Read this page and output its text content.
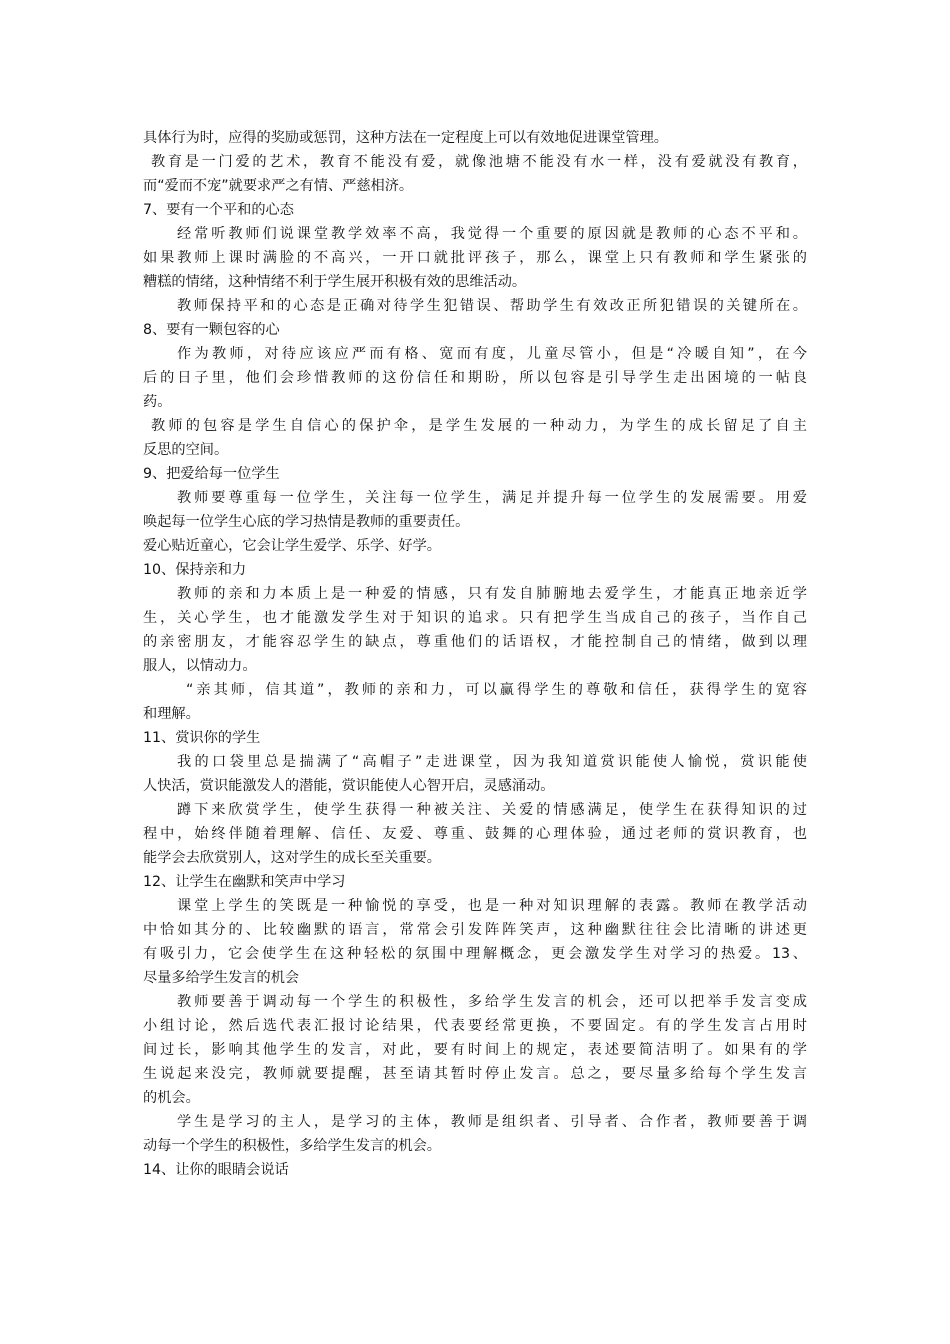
具体行为时，应得的奖励或惩罚，这种方法在一定程度上可以有效地促进课堂管理。
教育是一门爱的艺术，教育不能没有爱，就像池塘不能没有水一样，没有爱就没有教育，
而“爱而不宠”就要求严之有情、严慈相济。
7、要有一个平和的心态
经常听教师们说课堂教学效率不高，我觉得一个重要的原因就是教师的心态不平和。
如果教师上课时满脸的不高兴，一开口就批评孩子，那么，课堂上只有教师和学生紧张的
糟糕的情绪，这种情绪不利于学生展开积极有效的思维活动。
教师保持平和的心态是正确对待学生犯错误、帮助学生有效改正所犯错误的关键所在。
8、要有一颗包容的心
作为教师，对待应该应严而有格、宽而有度，儿童尽管小，但是“冷暖自知”，在今
后的日子里，他们会珍惜教师的这份信任和期盼，所以包容是引导学生走出困境的一帖良
药。
教师的包容是学生自信心的保护伞，是学生发展的一种动力，为学生的成长留足了自主
反思的空间。
9、把爱给每一位学生
教师要尊重每一位学生，关注每一位学生，满足并提升每一位学生的发展需要。用爱
唤起每一位学生心底的学习热情是教师的重要责任。
爱心贴近童心，它会让学生爱学、乐学、好学。
10、保持亲和力
教师的亲和力本质上是一种爱的情感，只有发自肺腑地去爱学生，才能真正地亲近学
生，关心学生，也才能激发学生对于知识的追求。只有把学生当成自己的孩子，当作自己
的亲密朋友，才能容忍学生的缺点，尊重他们的话语权，才能控制自己的情绪，做到以理
服人，以情动力。
“亲其师，信其道”，教师的亲和力，可以赢得学生的尊敬和信任，获得学生的宽容
和理解。
11、赏识你的学生
我的口袋里总是揣满了“高帽子”走进课堂，因为我知道赏识能使人愉悦，赏识能使
人快活，赏识能激发人的潜能，赏识能使人心智开启，灵感涌动。
蹲下来欣赏学生，使学生获得一种被关注、关爱的情感满足，使学生在获得知识的过
程中，始终伴随着理解、信任、友爱、尊重、鼓舞的心理体验，通过老师的赏识教育，也
能学会去欣赏别人，这对学生的成长至关重要。
12、让学生在幽默和笑声中学习
课堂上学生的笑既是一种愉悦的享受，也是一种对知识理解的表露。教师在教学活动
中恰如其分的、比较幽默的语言，常常会引发阵阵笑声，这种幽默往往会比清晰的讲述更
有吸引力，它会使学生在这种轻松的氛围中理解概念，更会激发学生对学习的热爱。13、
尽量多给学生发言的机会
教师要善于调动每一个学生的积极性，多给学生发言的机会，还可以把举手发言变成
小组讨论，然后选代表汇报讨论结果，代表要经常更换，不要固定。有的学生发言占用时
间过长，影响其他学生的发言，对此，要有时间上的规定，表述要简洁明了。如果有的学
生说起来没完，教师就要提醒，甚至请其暂时停止发言。总之，要尽量多给每个学生发言
的机会。
学生是学习的主人，是学习的主体，教师是组织者、引导者、合作者，教师要善于调
动每一个学生的积极性，多给学生发言的机会。
14、让你的眼睛会说话
